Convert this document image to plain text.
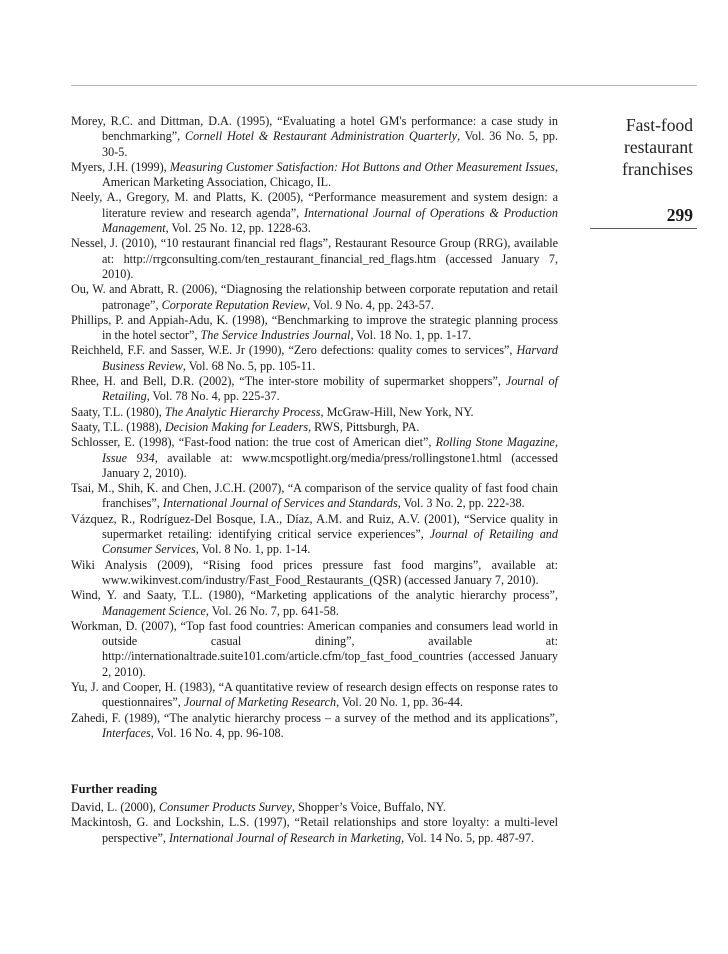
Fast-food
restaurant
franchises
299
Morey, R.C. and Dittman, D.A. (1995), “Evaluating a hotel GM's performance: a case study in benchmarking”, Cornell Hotel & Restaurant Administration Quarterly, Vol. 36 No. 5, pp. 30-5.
Myers, J.H. (1999), Measuring Customer Satisfaction: Hot Buttons and Other Measurement Issues, American Marketing Association, Chicago, IL.
Neely, A., Gregory, M. and Platts, K. (2005), “Performance measurement and system design: a literature review and research agenda”, International Journal of Operations & Production Management, Vol. 25 No. 12, pp. 1228-63.
Nessel, J. (2010), “10 restaurant financial red flags”, Restaurant Resource Group (RRG), available at: http://rrgconsulting.com/ten_restaurant_financial_red_flags.htm (accessed January 7, 2010).
Ou, W. and Abratt, R. (2006), “Diagnosing the relationship between corporate reputation and retail patronage”, Corporate Reputation Review, Vol. 9 No. 4, pp. 243-57.
Phillips, P. and Appiah-Adu, K. (1998), “Benchmarking to improve the strategic planning process in the hotel sector”, The Service Industries Journal, Vol. 18 No. 1, pp. 1-17.
Reichheld, F.F. and Sasser, W.E. Jr (1990), “Zero defections: quality comes to services”, Harvard Business Review, Vol. 68 No. 5, pp. 105-11.
Rhee, H. and Bell, D.R. (2002), “The inter-store mobility of supermarket shoppers”, Journal of Retailing, Vol. 78 No. 4, pp. 225-37.
Saaty, T.L. (1980), The Analytic Hierarchy Process, McGraw-Hill, New York, NY.
Saaty, T.L. (1988), Decision Making for Leaders, RWS, Pittsburgh, PA.
Schlosser, E. (1998), “Fast-food nation: the true cost of American diet”, Rolling Stone Magazine, Issue 934, available at: www.mcspotlight.org/media/press/rollingstone1.html (accessed January 2, 2010).
Tsai, M., Shih, K. and Chen, J.C.H. (2007), “A comparison of the service quality of fast food chain franchises”, International Journal of Services and Standards, Vol. 3 No. 2, pp. 222-38.
Vázquez, R., Rodríguez-Del Bosque, I.A., Díaz, A.M. and Ruiz, A.V. (2001), “Service quality in supermarket retailing: identifying critical service experiences”, Journal of Retailing and Consumer Services, Vol. 8 No. 1, pp. 1-14.
Wiki Analysis (2009), “Rising food prices pressure fast food margins”, available at: www.wikinvest.com/industry/Fast_Food_Restaurants_(QSR) (accessed January 7, 2010).
Wind, Y. and Saaty, T.L. (1980), “Marketing applications of the analytic hierarchy process”, Management Science, Vol. 26 No. 7, pp. 641-58.
Workman, D. (2007), “Top fast food countries: American companies and consumers lead world in outside casual dining”, available at: http://internationaltrade.suite101.com/article.cfm/top_fast_food_countries (accessed January 2, 2010).
Yu, J. and Cooper, H. (1983), “A quantitative review of research design effects on response rates to questionnaires”, Journal of Marketing Research, Vol. 20 No. 1, pp. 36-44.
Zahedi, F. (1989), “The analytic hierarchy process – a survey of the method and its applications”, Interfaces, Vol. 16 No. 4, pp. 96-108.
Further reading
David, L. (2000), Consumer Products Survey, Shopper’s Voice, Buffalo, NY.
Mackintosh, G. and Lockshin, L.S. (1997), “Retail relationships and store loyalty: a multi-level perspective”, International Journal of Research in Marketing, Vol. 14 No. 5, pp. 487-97.
